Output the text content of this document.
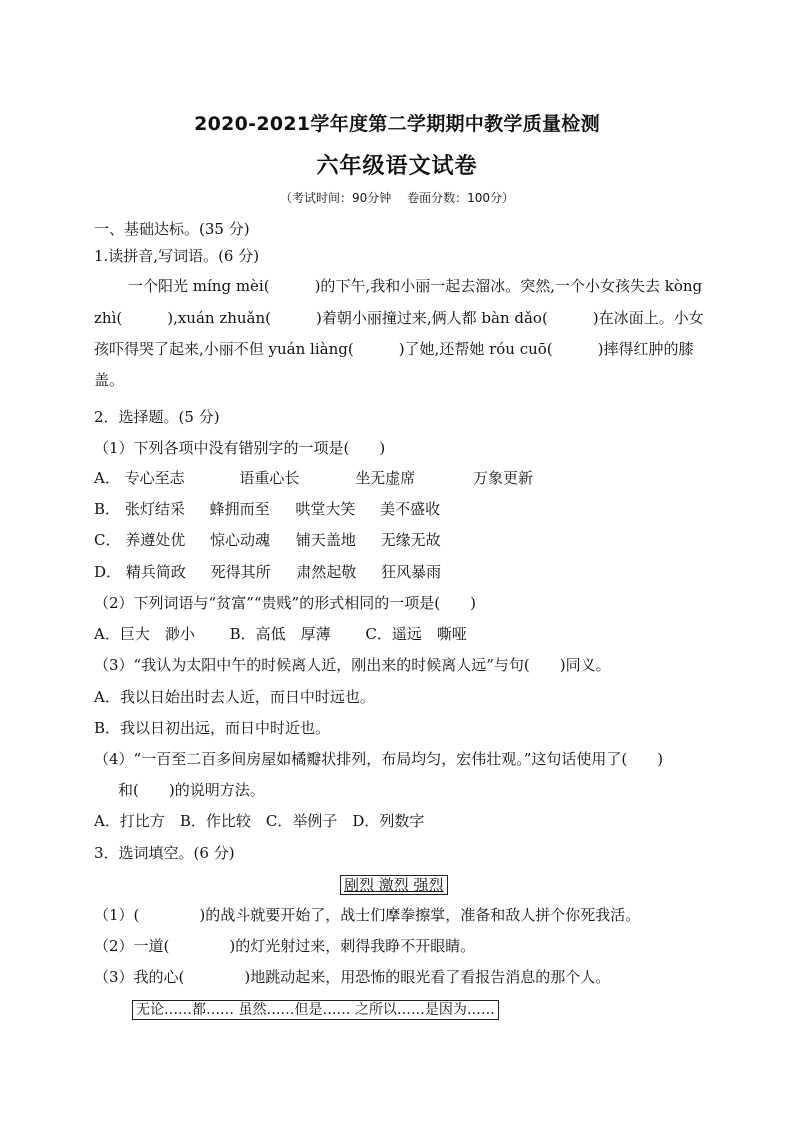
2020-2021学年度第二学期期中教学质量检测
六年级语文试卷
（考试时间：90分钟　 卷面分数：100分）
一、基础达标。(35 分)
1.读拼音,写词语。(6 分)
一个阳光 míng mèi(　　　)的下午,我和小丽一起去溜冰。突然,一个小女孩失去 kòng
zhì(　　　),xuán zhuǎn(　　　)着朝小丽撞过来,俩人都 bàn dǎo(　　　)在冰面上。小女
孩吓得哭了起来,小丽不但 yuán liàng(　　　)了她,还帮她 róu cuō(　　　)摔得红肿的膝
盖。
2．选择题。(5 分)
（1）下列各项中没有错别字的一项是(　　)
A． 专心至志	语重心长	坐无虚席	万象更新
B． 张灯结采 蜂拥而至 哄堂大笑 美不盛收
C． 养遵处优 惊心动魂 铺天盖地 无缘无故
D． 精兵简政 死得其所 肃然起敬 狂风暴雨
（2）下列词语与“贫富”“贵贱”的形式相同的一项是(　　)
A．巨大　渺小　　 B．高低　厚薄　　 C．遥远　嘶哑
（3）“我认为太阳中午的时候离人近，刚出来的时候离人远”与句(　　)同义。
A．我以日始出时去人近，而日中时远也。
B．我以日初出远，而日中时近也。
（4）“一百至二百多间房屋如橘瓣状排列，布局均匀，宏伟壮观。”这句话使用了(　　)
和(　　)的说明方法。
A．打比方　B．作比较　C．举例子　D．列数字
3．选词填空。(6 分)
剧烈 激烈 强烈
（1）(　　　　)的战斗就要开始了，战士们摩拳擦掌，准备和敌人拼个你死我活。
（2）一道(　　　　)的灯光射过来，刺得我睁不开眼睛。
（3）我的心(　　　　)地跳动起来，用恐怖的眼光看了看报告消息的那个人。
无论……都…… 虽然……但是…… 之所以……是因为……
